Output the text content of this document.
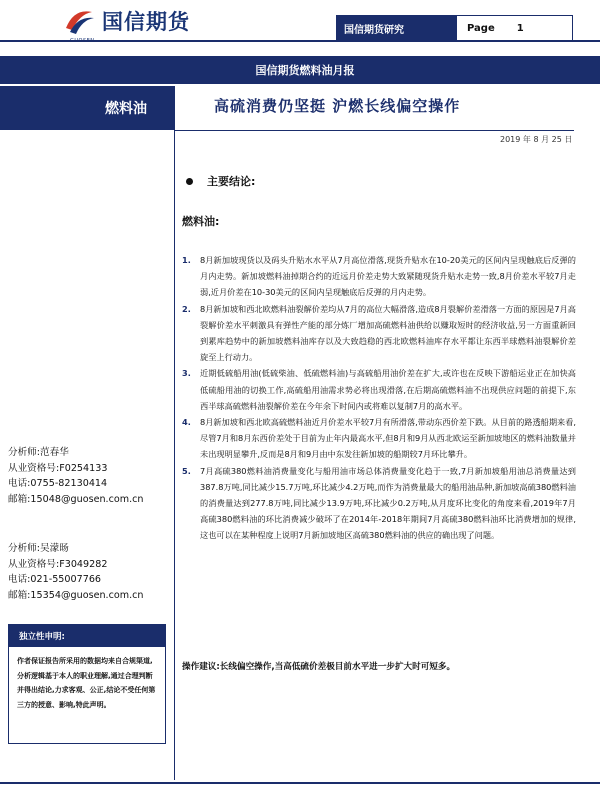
国信期货	国信期货研究	Page 1
国信期货燃料油月报
燃料油	高硫消费仍坚挺 沪燃长线偏空操作
2019 年 8 月 25 日
主要结论:
燃料油:
1.	8月新加坡现货以及码头升贴水水平从7月高位滑落,现货升贴水在10-20美元的区间内呈现触底后反弹的月内走势。新加坡燃料油掉期合约的近远月价差走势大致紧随现货升贴水走势一致,8月价差水平较7月走弱,近月价差在10-30美元的区间内呈现触底后反弹的月内走势。
2.	8月新加坡和西北欧燃料油裂解价差均从7月的高位大幅滑落,造成8月裂解价差滑落一方面的原因是7月高裂解价差水平刺激具有弹性产能的部分炼厂增加高硫燃料油供给以赚取短时的经济收益,另一方面重新回到累库趋势中的新加坡燃料油库存以及大致趋稳的西北欧燃料油库存水平都让东西半球燃料油裂解价差旋至上行动力。
3.	近期低硫船用油(低硫柴油、低硫燃料油)与高硫船用油价差在扩大,或许也在反映下游船运业正在加快高低硫船用油的切换工作,高硫船用油需求势必将出现滑落,在后期高硫燃料油不出现供应问题的前提下,东西半球高硫燃料油裂解价差在今年余下时间内或将难以复制7月的高水平。
4.	8月新加坡和西北欧高硫燃料油近月价差水平较7月有所滑落,带动东西价差下跌。从目前的路透船期来看,尽管7月和8月东西价差处于目前为止年内最高水平,但8月和9月从西北欧运至新加坡地区的燃料油数量并未出现明显攀升,反而是8月和9月由中东发往新加坡的船期较7月环比攀升。
5.	7月高硫380燃料油消费量变化与船用油市场总体消费量变化趋于一致,7月新加坡船用油总消费量达到387.8万吨,同比减少15.7万吨,环比减少4.2万吨,而作为消费量最大的船用油品种,新加坡高硫380燃料油的消费量达到277.8万吨,同比减少13.9万吨,环比减少0.2万吨,从月度环比变化的角度来看,2019年7月高硫380燃料油的环比消费减少破坏了在2014年-2018年期间7月高硫380燃料油环比消费增加的规律,这也可以在某种程度上说明7月新加坡地区高硫380燃料油的供应的确出现了问题。
操作建议:长线偏空操作,当高低硫价差极目前水平进一步扩大时可短多。
分析师:范春华
从业资格号:F0254133
电话:0755-82130414
邮箱:15048@guosen.com.cn
分析师:吴濛旸
从业资格号:F3049282
电话:021-55007766
邮箱:15354@guosen.com.cn
独立性申明:
作者保证报告所采用的数据均来自合规渠道,分析逻辑基于本人的职业理解,通过合理判断并得出结论,力求客观、公正,结论不受任何第三方的授意、影响,特此声明。
